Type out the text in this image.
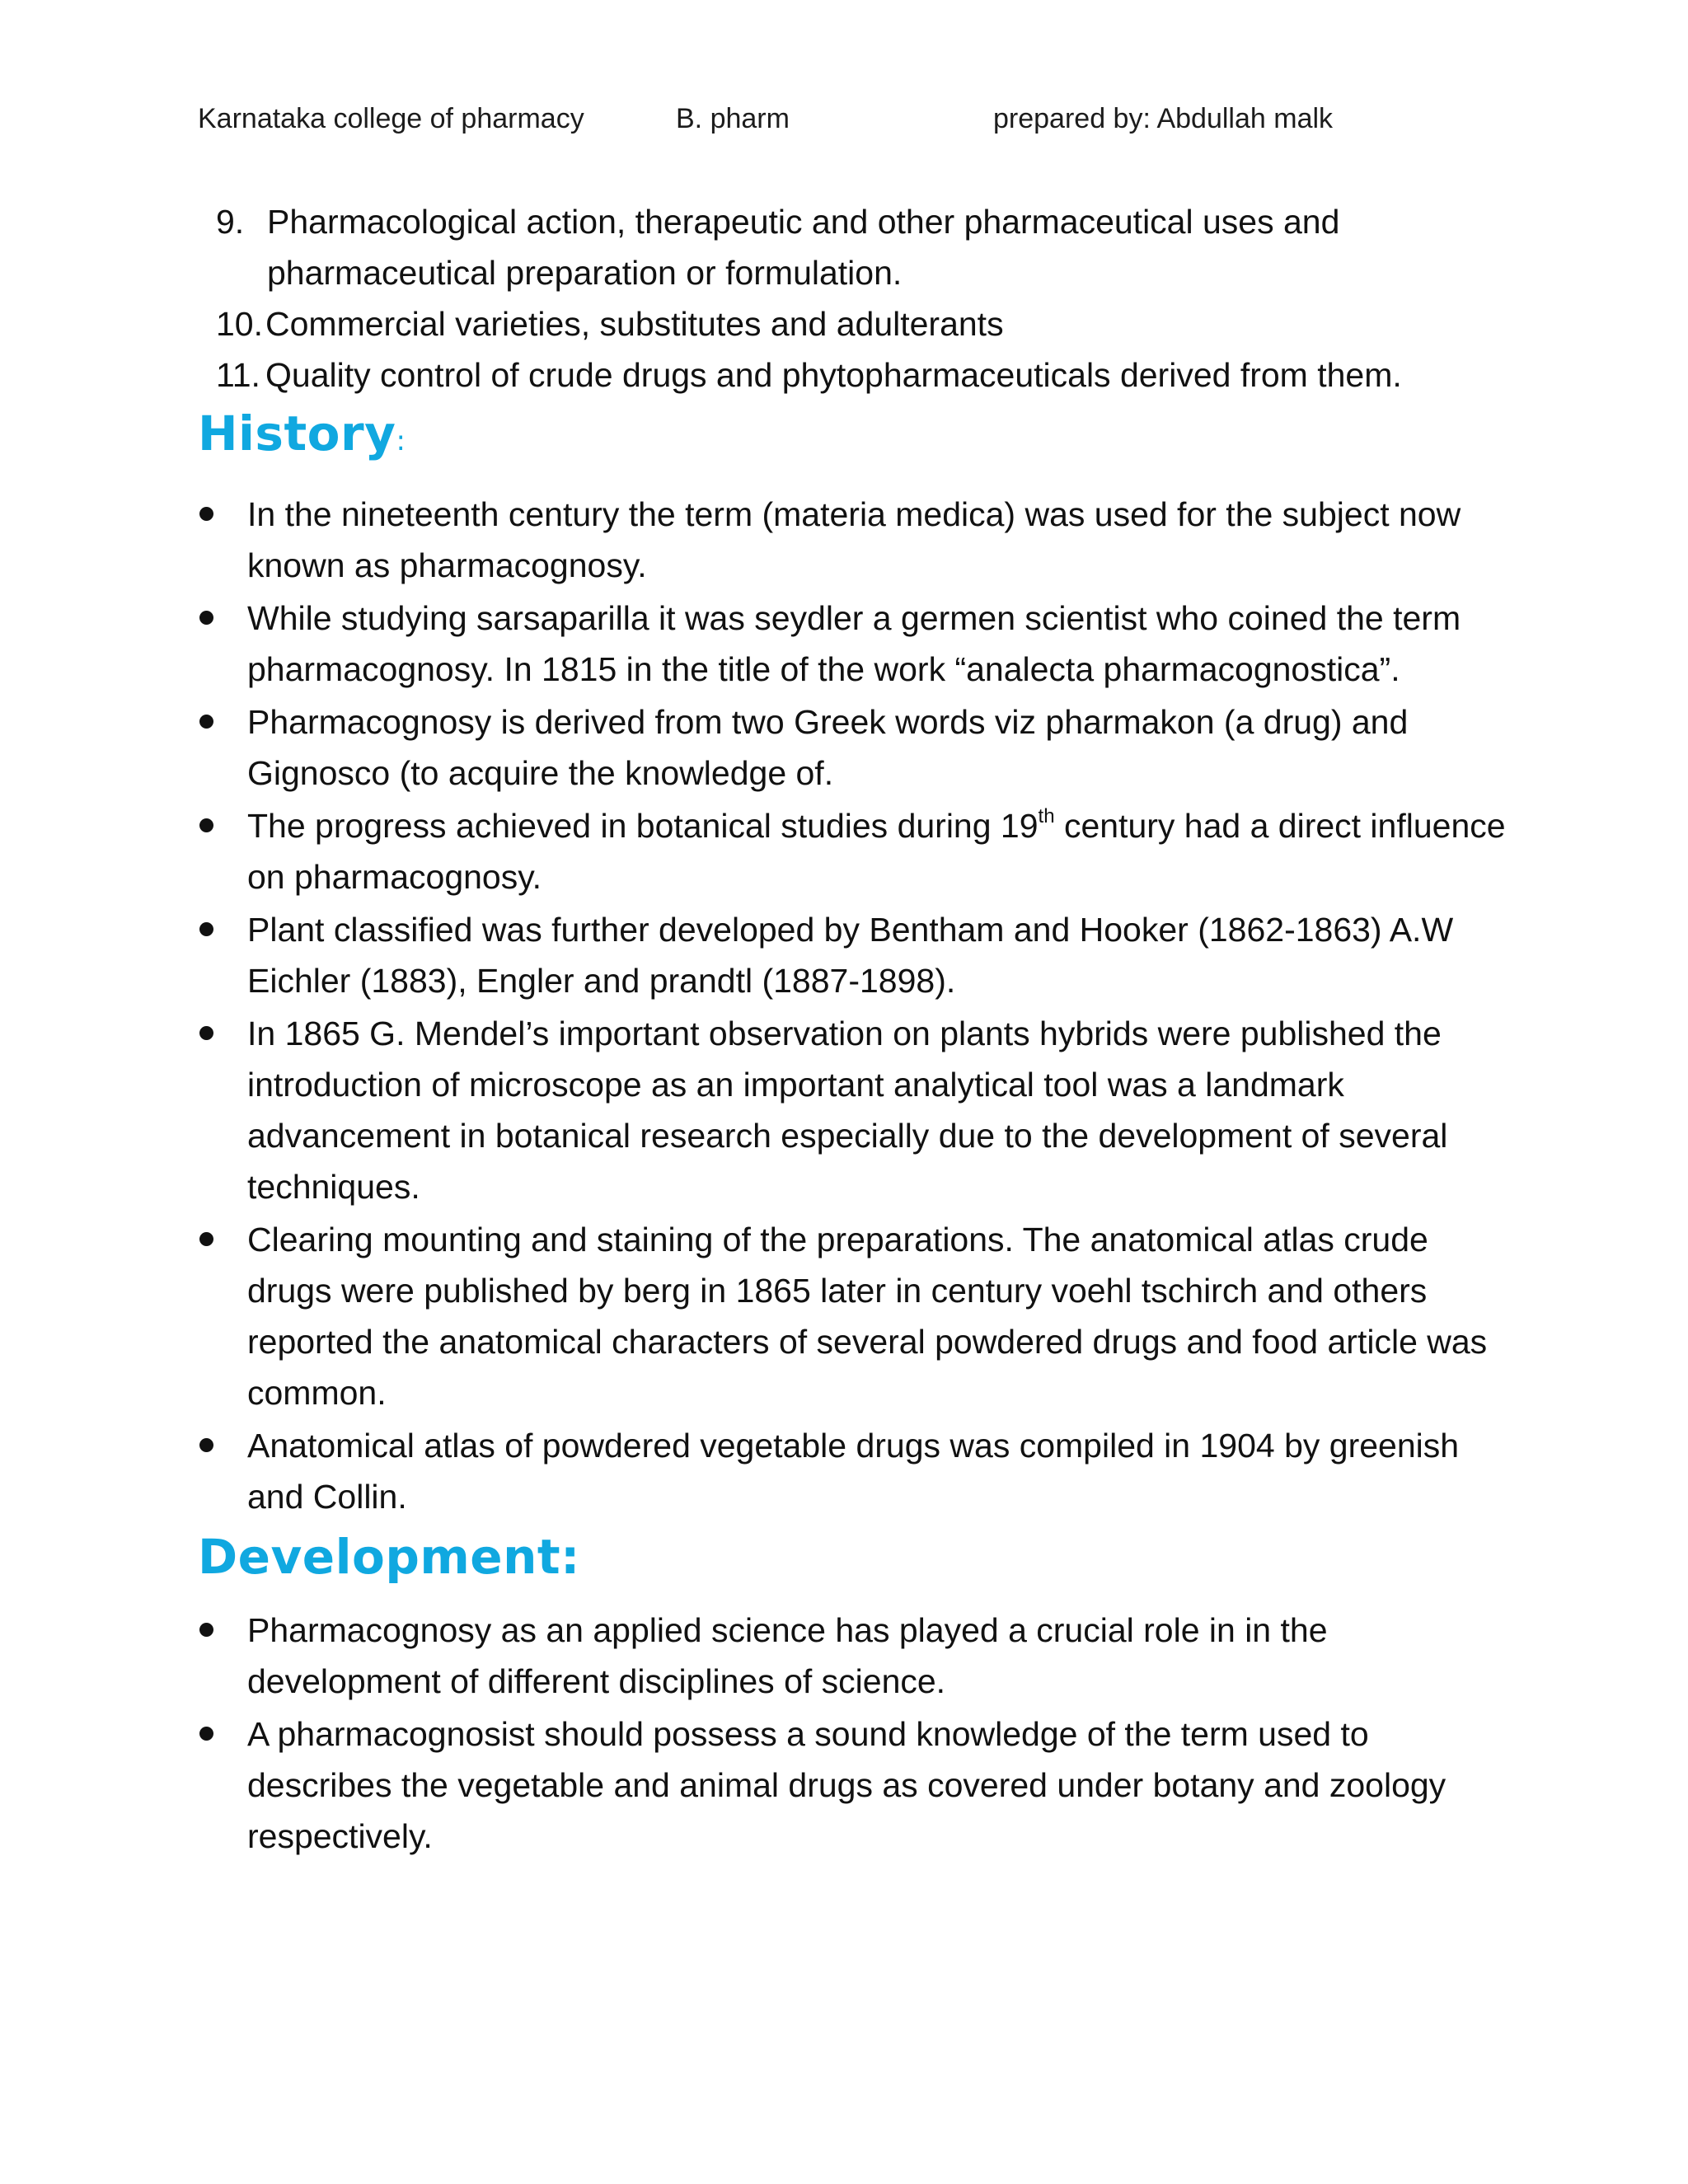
Karnataka college of pharmacy	B. pharm	prepared by: Abdullah malk
9. Pharmacological action, therapeutic and other pharmaceutical uses and pharmaceutical preparation or formulation.
10. Commercial varieties, substitutes and adulterants
11. Quality control of crude drugs and phytopharmaceuticals derived from them.
History:
In the nineteenth century the term (materia medica) was used for the subject now known as pharmacognosy.
While studying sarsaparilla it was seydler a germen scientist who coined the term pharmacognosy. In 1815 in the title of the work “analecta pharmacognostica”.
Pharmacognosy is derived from two Greek words viz pharmakon (a drug) and Gignosco (to acquire the knowledge of.
The progress achieved in botanical studies during 19th century had a direct influence on pharmacognosy.
Plant classified was further developed by Bentham and Hooker (1862-1863) A.W Eichler (1883), Engler and prandtl (1887-1898).
In 1865 G. Mendel’s important observation on plants hybrids were published the introduction of microscope as an important analytical tool was a landmark advancement in botanical research especially due to the development of several techniques.
Clearing mounting and staining of the preparations. The anatomical atlas crude drugs were published by berg in 1865 later in century voehl tschirch and others reported the anatomical characters of several powdered drugs and food article was common.
Anatomical atlas of powdered vegetable drugs was compiled in 1904 by greenish and Collin.
Development:
Pharmacognosy as an applied science has played a crucial role in in the development of different disciplines of science.
A pharmacognosist should possess a sound knowledge of the term used to describes the vegetable and animal drugs as covered under botany and zoology respectively.
